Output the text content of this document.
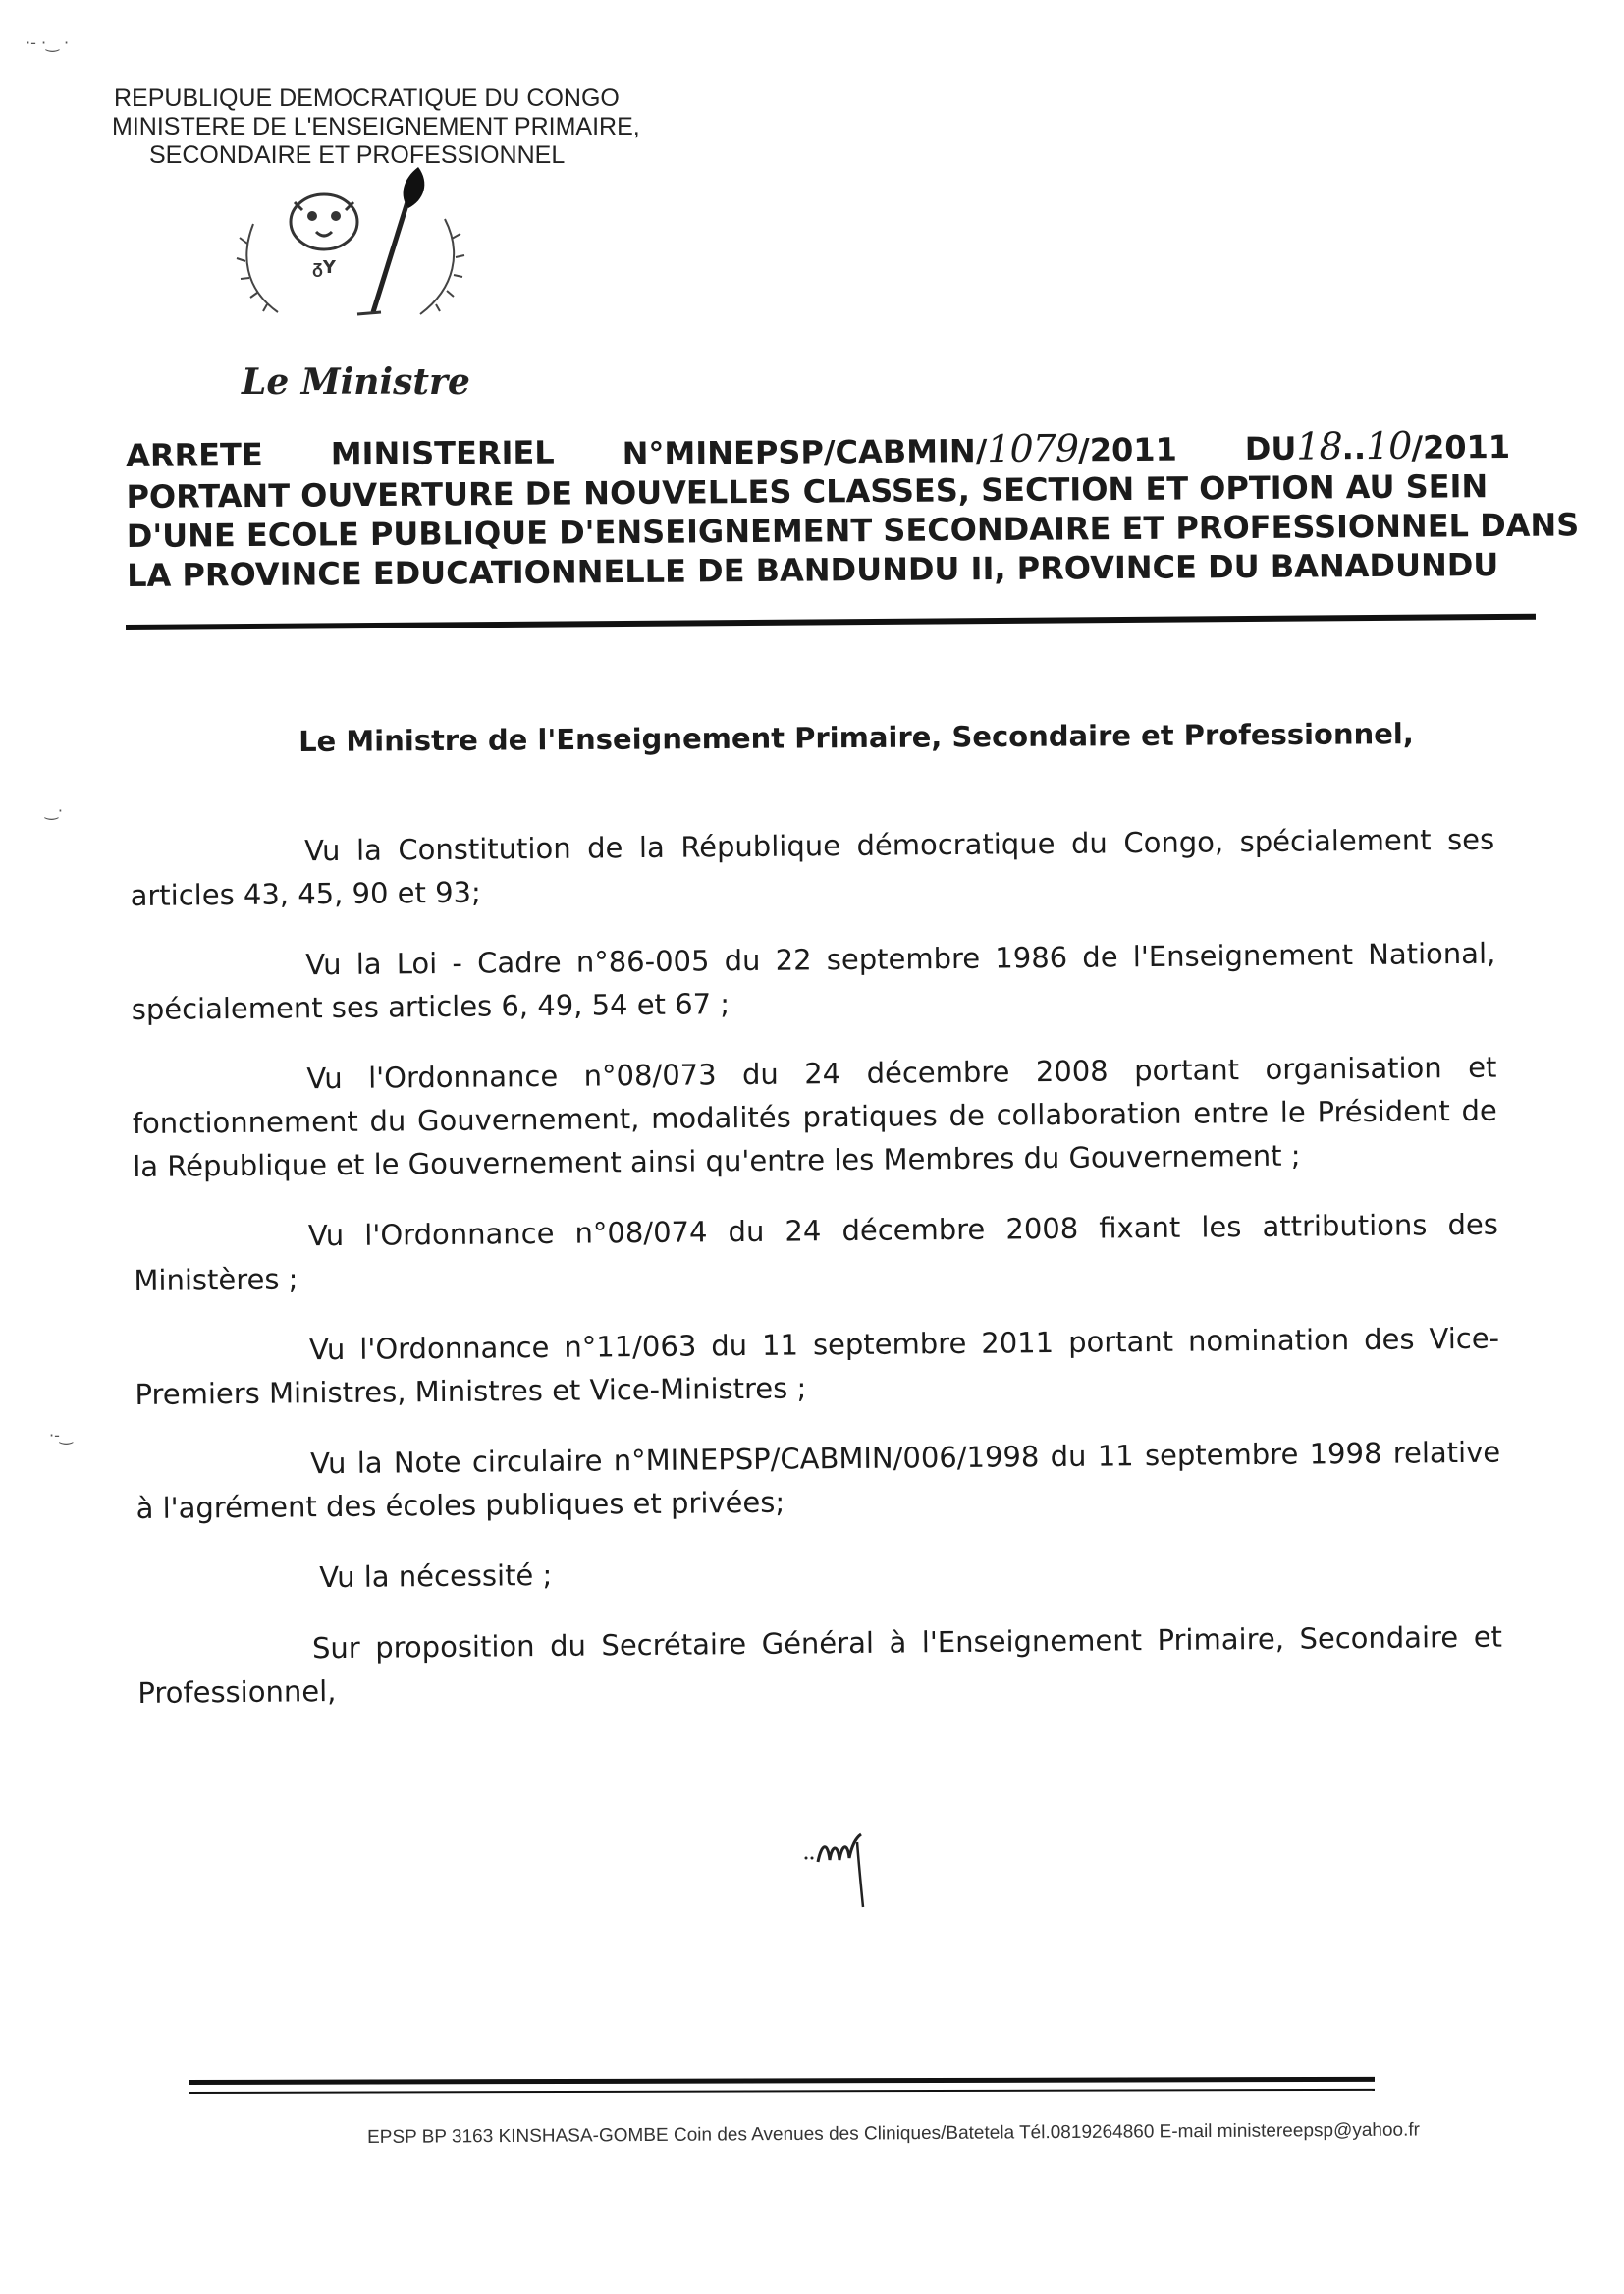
·- ·‿ ·
‿·
·-‿
REPUBLIQUE DEMOCRATIQUE DU CONGO
MINISTERE DE L'ENSEIGNEMENT PRIMAIRE,
SECONDAIRE ET PROFESSIONNEL
ᵹY
Le Ministre
ARRETE MINISTERIEL N°MINEPSP/CABMIN/1079/2011 DU18..10/2011
PORTANT OUVERTURE DE NOUVELLES CLASSES, SECTION ET OPTION AU SEIN
D'UNE ECOLE PUBLIQUE D'ENSEIGNEMENT SECONDAIRE ET PROFESSIONNEL DANS
LA PROVINCE EDUCATIONNELLE DE BANDUNDU II, PROVINCE DU BANADUNDU
Le Ministre de l'Enseignement Primaire, Secondaire et Professionnel,

Vu la Constitution de la République démocratique du Congo, spécialement ses articles 43, 45, 90 et 93;

Vu la Loi - Cadre n°86-005 du 22 septembre 1986 de l'Enseignement National, spécialement ses articles 6, 49, 54 et 67 ;

Vu l'Ordonnance n°08/073 du 24 décembre 2008 portant organisation et fonctionnement du Gouvernement, modalités pratiques de collaboration entre le Président de la République et le Gouvernement ainsi qu'entre les Membres du Gouvernement ;

Vu l'Ordonnance n°08/074 du 24 décembre 2008 fixant les attributions des Ministères ;

Vu l'Ordonnance n°11/063 du 11 septembre 2011 portant nomination des Vice-Premiers Ministres, Ministres et Vice-Ministres ;

Vu la Note circulaire n°MINEPSP/CABMIN/006/1998 du 11 septembre 1998 relative à l'agrément des écoles publiques et privées;

Vu la nécessité ;

Sur proposition du Secrétaire Général à l'Enseignement Primaire, Secondaire et Professionnel,

EPSP BP 3163 KINSHASA-GOMBE Coin des Avenues des Cliniques/Batetela Tél.0819264860 E-mail ministereepsp@yahoo.fr
